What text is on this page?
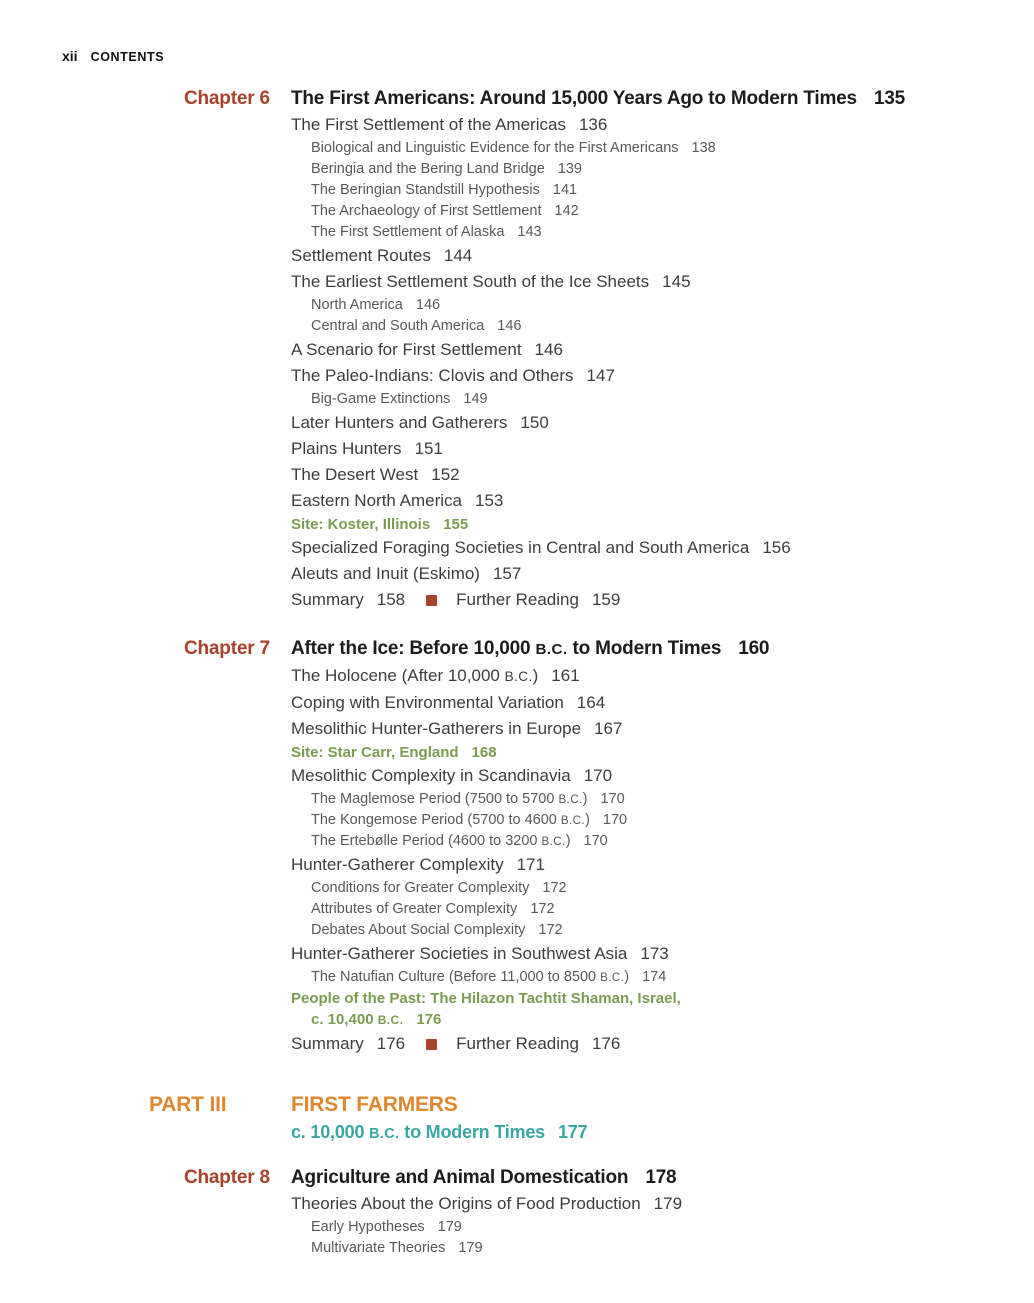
xii CONTENTS
Chapter 6	The First Americans: Around 15,000 Years Ago to Modern Times 135
The First Settlement of the Americas 136
Biological and Linguistic Evidence for the First Americans 138
Beringia and the Bering Land Bridge 139
The Beringian Standstill Hypothesis 141
The Archaeology of First Settlement 142
The First Settlement of Alaska 143
Settlement Routes 144
The Earliest Settlement South of the Ice Sheets 145
North America 146
Central and South America 146
A Scenario for First Settlement 146
The Paleo-Indians: Clovis and Others 147
Big-Game Extinctions 149
Later Hunters and Gatherers 150
Plains Hunters 151
The Desert West 152
Eastern North America 153
Site: Koster, Illinois 155
Specialized Foraging Societies in Central and South America 156
Aleuts and Inuit (Eskimo) 157
Summary 158	Further Reading 159
Chapter 7	After the Ice: Before 10,000 B.C. to Modern Times 160
The Holocene (After 10,000 B.C.) 161
Coping with Environmental Variation 164
Mesolithic Hunter-Gatherers in Europe 167
Site: Star Carr, England 168
Mesolithic Complexity in Scandinavia 170
The Maglemose Period (7500 to 5700 B.C.) 170
The Kongemose Period (5700 to 4600 B.C.) 170
The Ertebølle Period (4600 to 3200 B.C.) 170
Hunter-Gatherer Complexity 171
Conditions for Greater Complexity 172
Attributes of Greater Complexity 172
Debates About Social Complexity 172
Hunter-Gatherer Societies in Southwest Asia 173
The Natufian Culture (Before 11,000 to 8500 B.C.) 174
People of the Past: The Hilazon Tachtit Shaman, Israel,
c. 10,400 B.C. 176
Summary 176	Further Reading 176
PART III	FIRST FARMERS
c. 10,000 B.C. to Modern Times 177
Chapter 8	Agriculture and Animal Domestication 178
Theories About the Origins of Food Production 179
Early Hypotheses 179
Multivariate Theories 179
